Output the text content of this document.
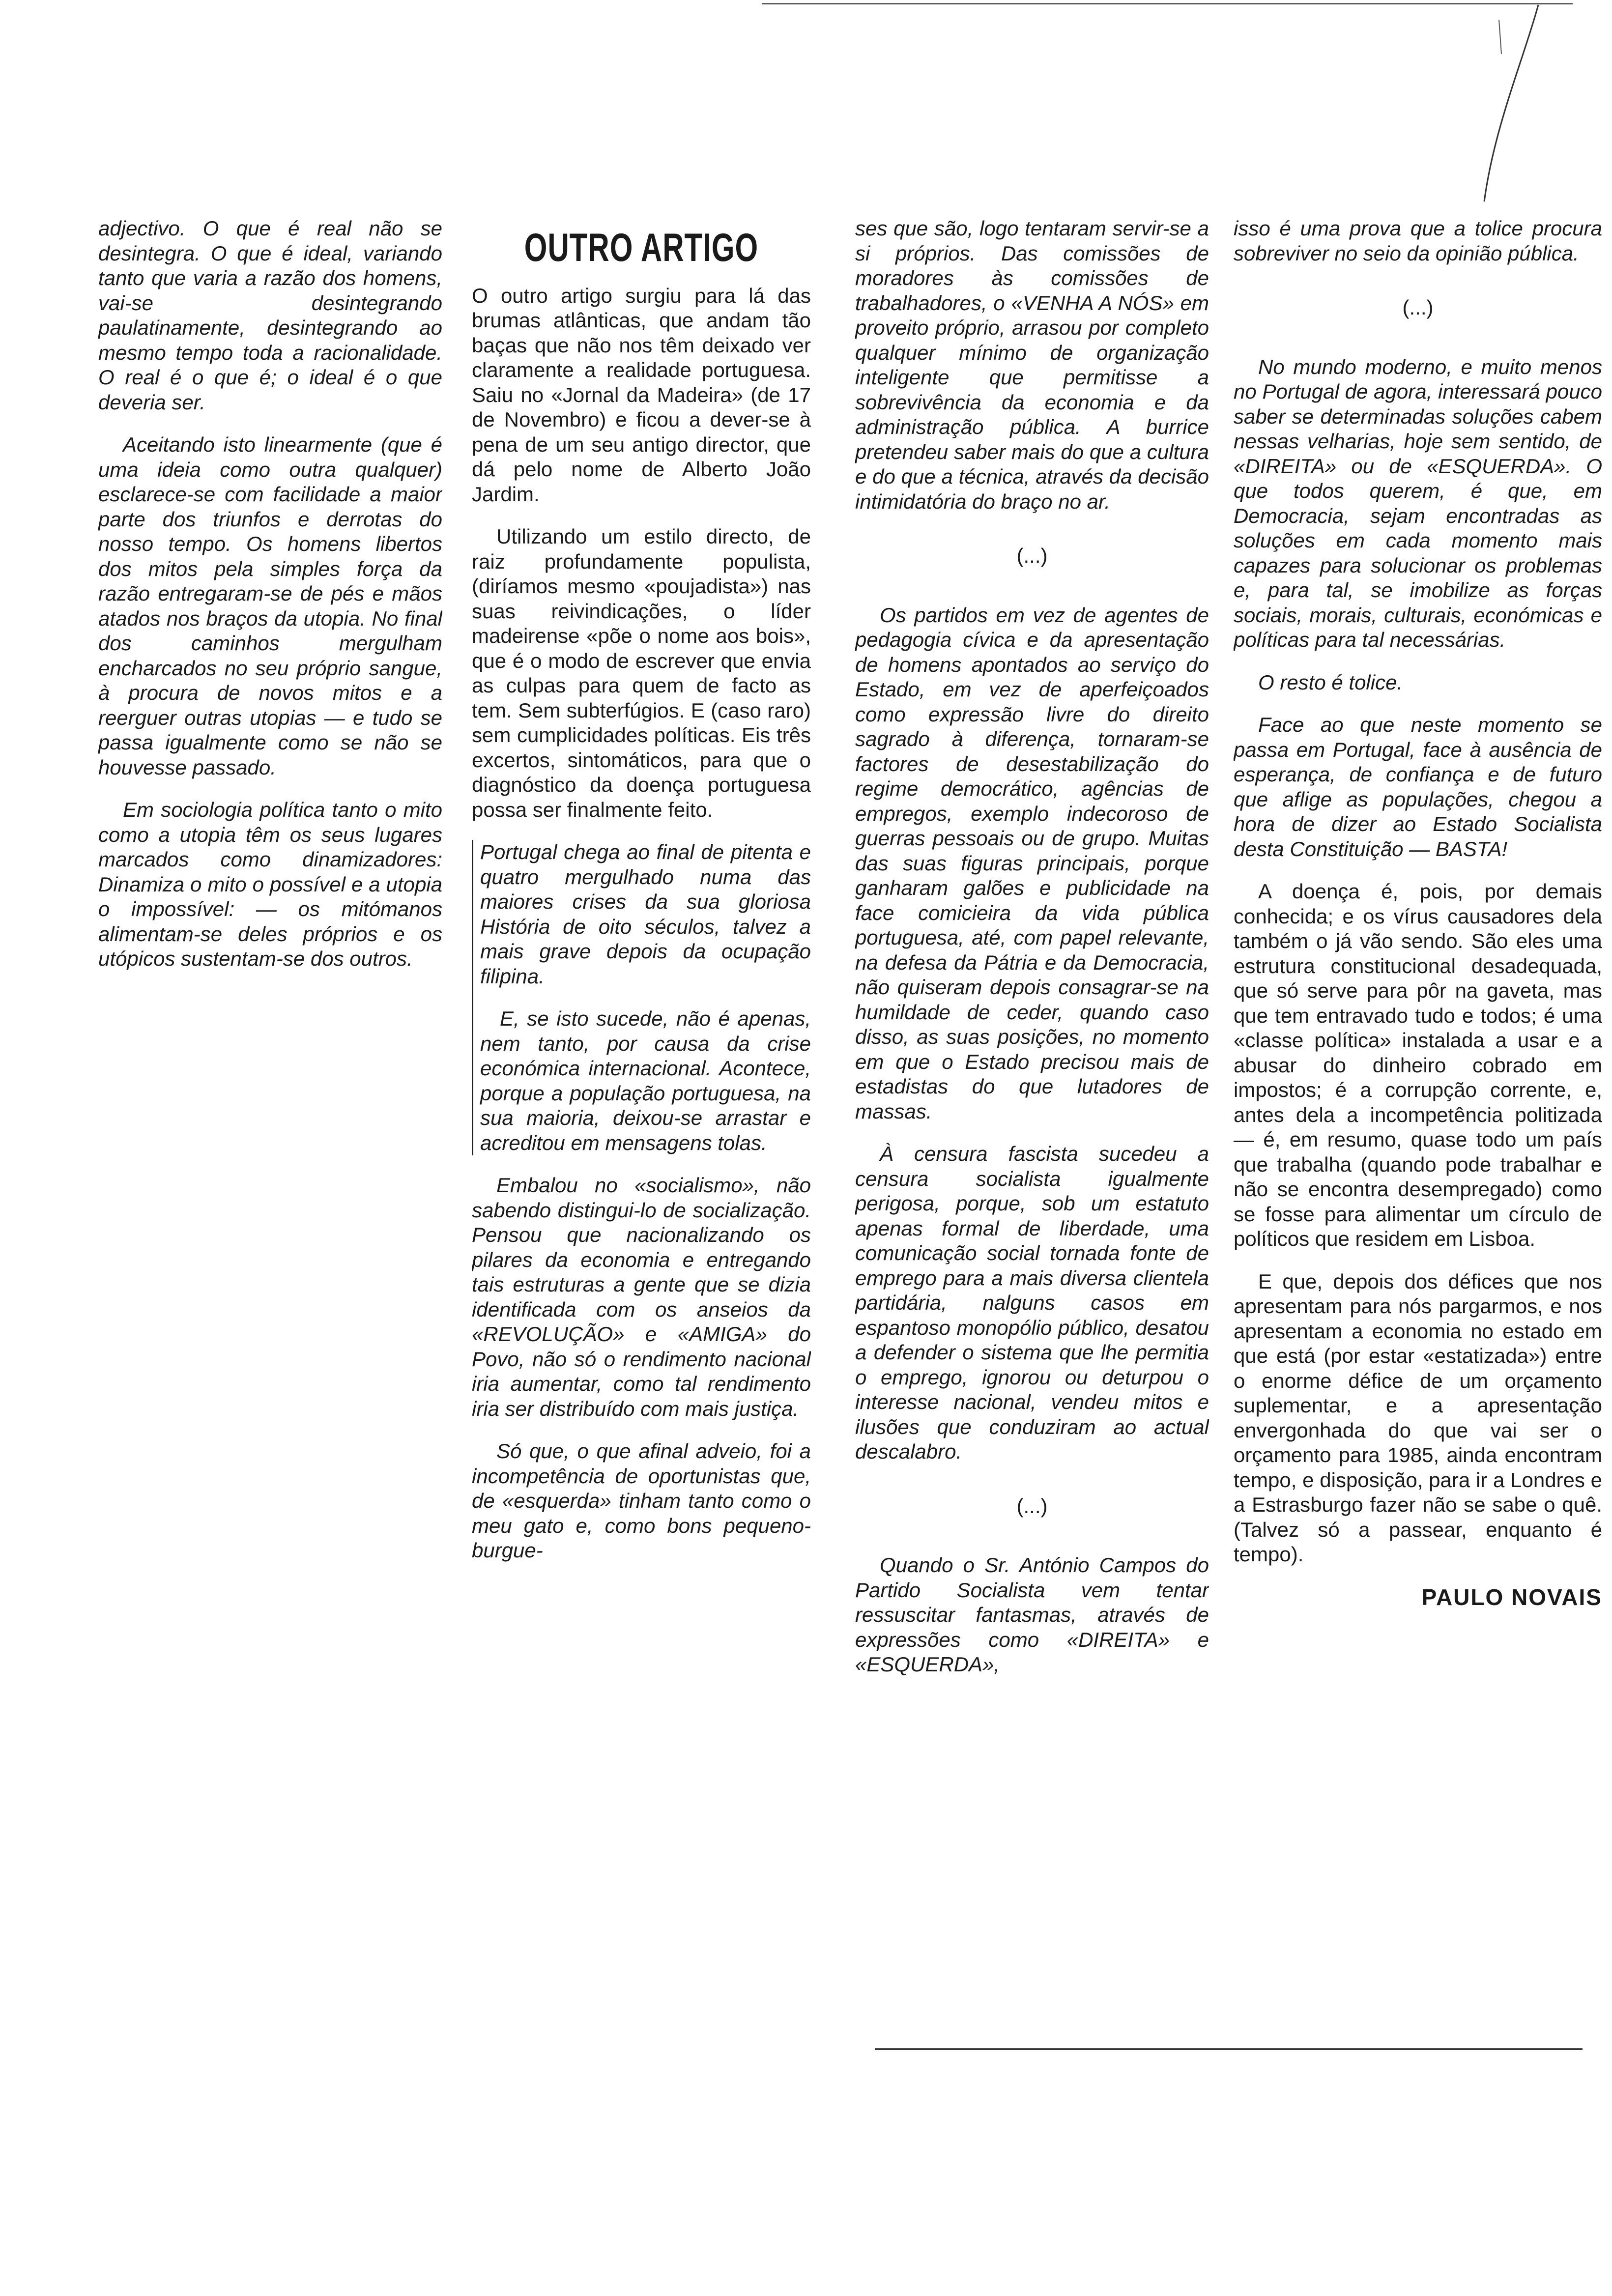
adjectivo. O que é real não se desintegra. O que é ideal, variando tanto que varia a razão dos homens, vai-se desintegrando paulatinamente, desintegrando ao mesmo tempo toda a racionalidade. O real é o que é; o ideal é o que deveria ser.

Aceitando isto linearmente (que é uma ideia como outra qualquer) esclarece-se com facilidade a maior parte dos triunfos e derrotas do nosso tempo. Os homens libertos dos mitos pela simples força da razão entregaram-se de pés e mãos atados nos braços da utopia. No final dos caminhos mergulham encharcados no seu próprio sangue, à procura de novos mitos e a reerguer outras utopias — e tudo se passa igualmente como se não se houvesse passado.

Em sociologia política tanto o mito como a utopia têm os seus lugares marcados como dinamizadores: Dinamiza o mito o possível e a utopia o impossível: — os mitómanos alimentam-se deles próprios e os utópicos sustentam-se dos outros.

OUTRO ARTIGO

O outro artigo surgiu para lá das brumas atlânticas, que andam tão baças que não nos têm deixado ver claramente a realidade portuguesa. Saiu no «Jornal da Madeira» (de 17 de Novembro) e ficou a dever-se à pena de um seu antigo director, que dá pelo nome de Alberto João Jardim.

Utilizando um estilo directo, de raiz profundamente populista, (diríamos mesmo «poujadista») nas suas reivindicações, o líder madeirense «põe o nome aos bois», que é o modo de escrever que envia as culpas para quem de facto as tem. Sem subterfúgios. E (caso raro) sem cumplicidades políticas. Eis três excertos, sintomáticos, para que o diagnóstico da doença portuguesa possa ser finalmente feito.

Portugal chega ao final de pitenta e quatro mergulhado numa das maiores crises da sua gloriosa História de oito séculos, talvez a mais grave depois da ocupação filipina.

E, se isto sucede, não é apenas, nem tanto, por causa da crise económica internacional. Acontece, porque a população portuguesa, na sua maioria, deixou-se arrastar e acreditou em mensagens tolas.

Embalou no «socialismo», não sabendo distingui-lo de socialização. Pensou que nacionalizando os pilares da economia e entregando tais estruturas a gente que se dizia identificada com os anseios da «REVOLUÇÃO» e «AMIGA» do Povo, não só o rendimento nacional iria aumentar, como tal rendimento iria ser distribuído com mais justiça.

Só que, o que afinal adveio, foi a incompetência de oportunistas que, de «esquerda» tinham tanto como o meu gato e, como bons pequeno-burgue-

ses que são, logo tentaram servir-se a si próprios. Das comissões de moradores às comissões de trabalhadores, o «VENHA A NÓS» em proveito próprio, arrasou por completo qualquer mínimo de organização inteligente que permitisse a sobrevivência da economia e da administração pública. A burrice pretendeu saber mais do que a cultura e do que a técnica, através da decisão intimidatória do braço no ar.

(...)

Os partidos em vez de agentes de pedagogia cívica e da apresentação de homens apontados ao serviço do Estado, em vez de aperfeiçoados como expressão livre do direito sagrado à diferença, tornaram-se factores de desestabilização do regime democrático, agências de empregos, exemplo indecoroso de guerras pessoais ou de grupo. Muitas das suas figuras principais, porque ganharam galões e publicidade na face comicieira da vida pública portuguesa, até, com papel relevante, na defesa da Pátria e da Democracia, não quiseram depois consagrar-se na humildade de ceder, quando caso disso, as suas posições, no momento em que o Estado precisou mais de estadistas do que lutadores de massas.

À censura fascista sucedeu a censura socialista igualmente perigosa, porque, sob um estatuto apenas formal de liberdade, uma comunicação social tornada fonte de emprego para a mais diversa clientela partidária, nalguns casos em espantoso monopólio público, desatou a defender o sistema que lhe permitia o emprego, ignorou ou deturpou o interesse nacional, vendeu mitos e ilusões que conduziram ao actual descalabro.

(...)

Quando o Sr. António Campos do Partido Socialista vem tentar ressuscitar fantasmas, através de expressões como «DIREITA» e «ESQUERDA»,

isso é uma prova que a tolice procura sobreviver no seio da opinião pública.

(...)

No mundo moderno, e muito menos no Portugal de agora, interessará pouco saber se determinadas soluções cabem nessas velharias, hoje sem sentido, de «DIREITA» ou de «ESQUERDA». O que todos querem, é que, em Democracia, sejam encontradas as soluções em cada momento mais capazes para solucionar os problemas e, para tal, se imobilize as forças sociais, morais, culturais, económicas e políticas para tal necessárias.

O resto é tolice.

Face ao que neste momento se passa em Portugal, face à ausência de esperança, de confiança e de futuro que aflige as populações, chegou a hora de dizer ao Estado Socialista desta Constituição — BASTA!

A doença é, pois, por demais conhecida; e os vírus causadores dela também o já vão sendo. São eles uma estrutura constitucional desadequada, que só serve para pôr na gaveta, mas que tem entravado tudo e todos; é uma «classe política» instalada a usar e a abusar do dinheiro cobrado em impostos; é a corrupção corrente, e, antes dela a incompetência politizada — é, em resumo, quase todo um país que trabalha (quando pode trabalhar e não se encontra desempregado) como se fosse para alimentar um círculo de políticos que residem em Lisboa.

E que, depois dos défices que nos apresentam para nós pargarmos, e nos apresentam a economia no estado em que está (por estar «estatizada») entre o enorme défice de um orçamento suplementar, e a apresentação envergonhada do que vai ser o orçamento para 1985, ainda encontram tempo, e disposição, para ir a Londres e a Estrasburgo fazer não se sabe o quê. (Talvez só a passear, enquanto é tempo).

PAULO NOVAIS
